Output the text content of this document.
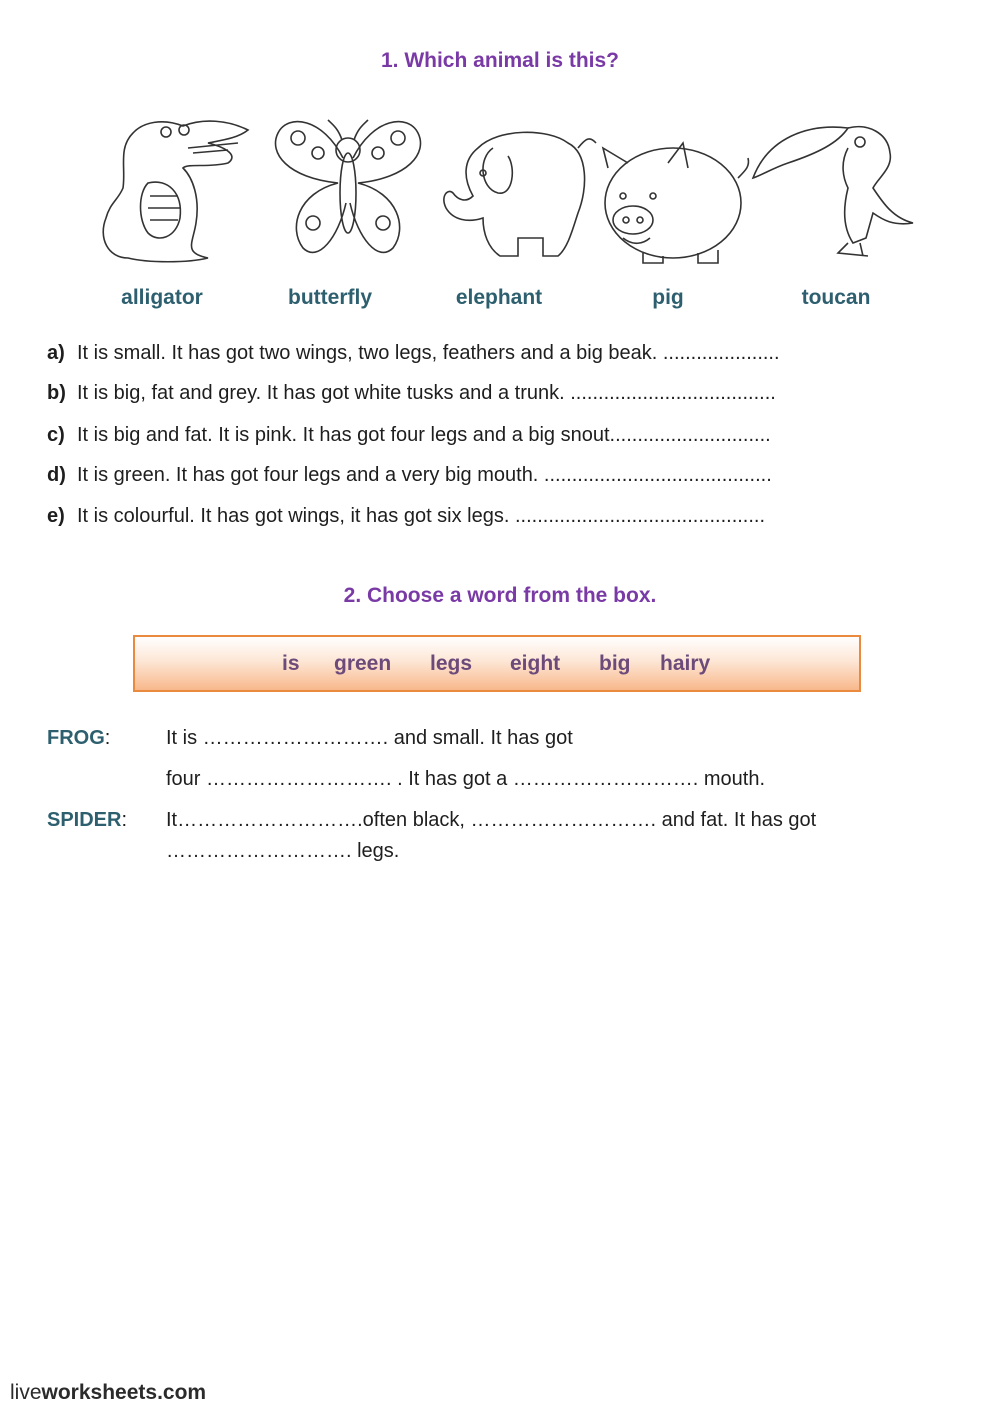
1. Which animal is this?
alligator	butterfly	elephant	pig	toucan
a) It is small. It has got two wings, two legs, feathers and a big beak. .....................
b) It is big, fat and grey. It has got white tusks and a trunk. .....................................
c) It is big and fat. It is pink. It has got four legs and a big snout.............................
d) It is green. It has got four legs and a very big mouth. .........................................
e) It is colourful. It has got wings, it has got six legs. .............................................
2. Choose a word from the box.
is green legs eight big hairy
FROG:	It is ………………………. and small. It has got
four ………………………. . It has got a ………………………. mouth.
SPIDER: It……………………….often black, ………………………. and fat. It has got
………………………. legs.
liveworksheets.com
